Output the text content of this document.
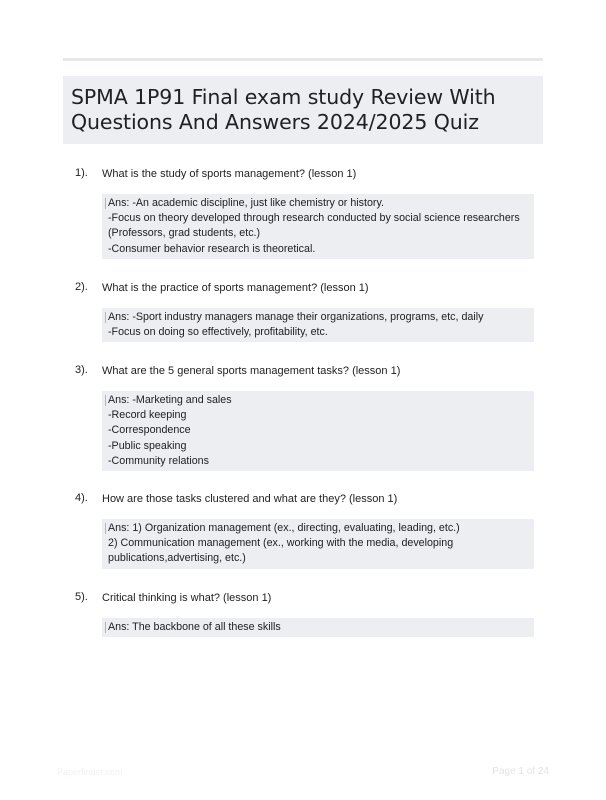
SPMA 1P91 Final exam study Review With Questions And Answers 2024/2025 Quiz
1). What is the study of sports management? (lesson 1)
Ans: -An academic discipline, just like chemistry or history.
-Focus on theory developed through research conducted by social science researchers (Professors, grad students, etc.)
-Consumer behavior research is theoretical.
2). What is the practice of sports management? (lesson 1)
Ans: -Sport industry managers manage their organizations, programs, etc, daily
-Focus on doing so effectively, profitability, etc.
3). What are the 5 general sports management tasks? (lesson 1)
Ans: -Marketing and sales
-Record keeping
-Correspondence
-Public speaking
-Community relations
4). How are those tasks clustered and what are they? (lesson 1)
Ans: 1) Organization management (ex., directing, evaluating, leading, etc.)
2) Communication management (ex., working with the media, developing publications,advertising, etc.)
5). Critical thinking is what? (lesson 1)
Ans: The backbone of all these skills
Paperfinder.com	Page 1 of 24
